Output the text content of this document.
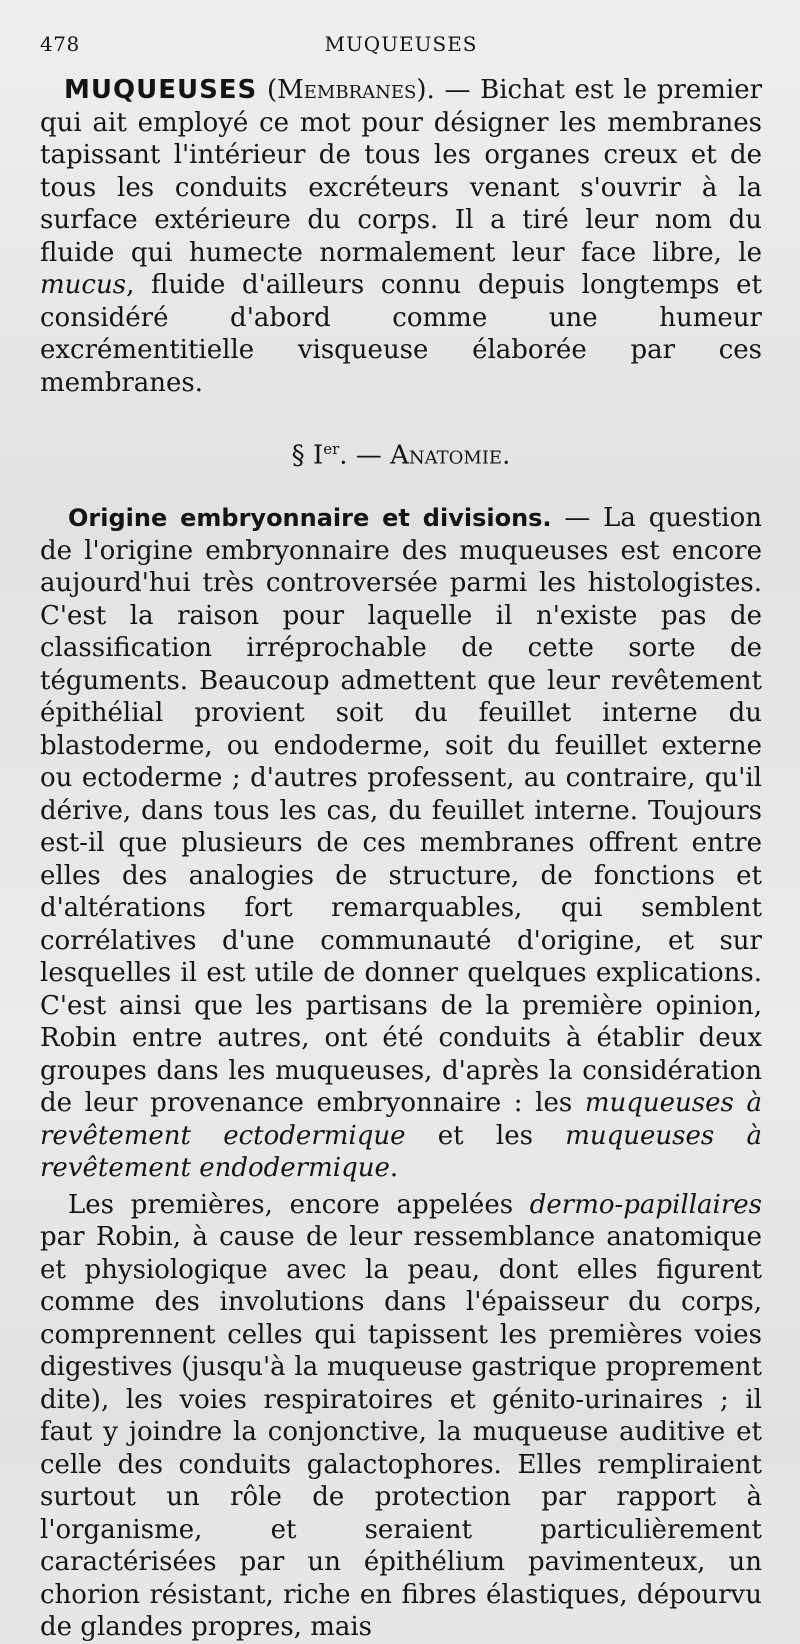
478	MUQUEUSES

MUQUEUSES (Membranes). — Bichat est le premier qui ait employé ce mot pour désigner les membranes tapissant l'intérieur de tous les organes creux et de tous les conduits excréteurs venant s'ouvrir à la surface extérieure du corps. Il a tiré leur nom du fluide qui humecte normalement leur face libre, le mucus, fluide d'ailleurs connu depuis longtemps et considéré d'abord comme une humeur excrémentitielle visqueuse élaborée par ces membranes.

§ Ier. — Anatomie.

Origine embryonnaire et divisions. — La question de l'origine embryonnaire des muqueuses est encore aujourd'hui très controversée parmi les histologistes. C'est la raison pour laquelle il n'existe pas de classification irréprochable de cette sorte de téguments. Beaucoup admettent que leur revêtement épithélial provient soit du feuillet interne du blastoderme, ou endoderme, soit du feuillet externe ou ectoderme ; d'autres professent, au contraire, qu'il dérive, dans tous les cas, du feuillet interne. Toujours est-il que plusieurs de ces membranes offrent entre elles des analogies de structure, de fonctions et d'altérations fort remarquables, qui semblent corrélatives d'une communauté d'origine, et sur lesquelles il est utile de donner quelques explications. C'est ainsi que les partisans de la première opinion, Robin entre autres, ont été conduits à établir deux groupes dans les muqueuses, d'après la considération de leur provenance embryonnaire : les muqueuses à revêtement ectodermique et les muqueuses à revêtement endodermique.

Les premières, encore appelées dermo-papillaires par Robin, à cause de leur ressemblance anatomique et physiologique avec la peau, dont elles figurent comme des involutions dans l'épaisseur du corps, comprennent celles qui tapissent les premières voies digestives (jusqu'à la muqueuse gastrique proprement dite), les voies respiratoires et génito-urinaires ; il faut y joindre la conjonctive, la muqueuse auditive et celle des conduits galactophores. Elles rempliraient surtout un rôle de protection par rapport à l'organisme, et seraient particulièrement caractérisées par un épithélium pavimenteux, un chorion résistant, riche en fibres élastiques, dépourvu de glandes propres, mais
